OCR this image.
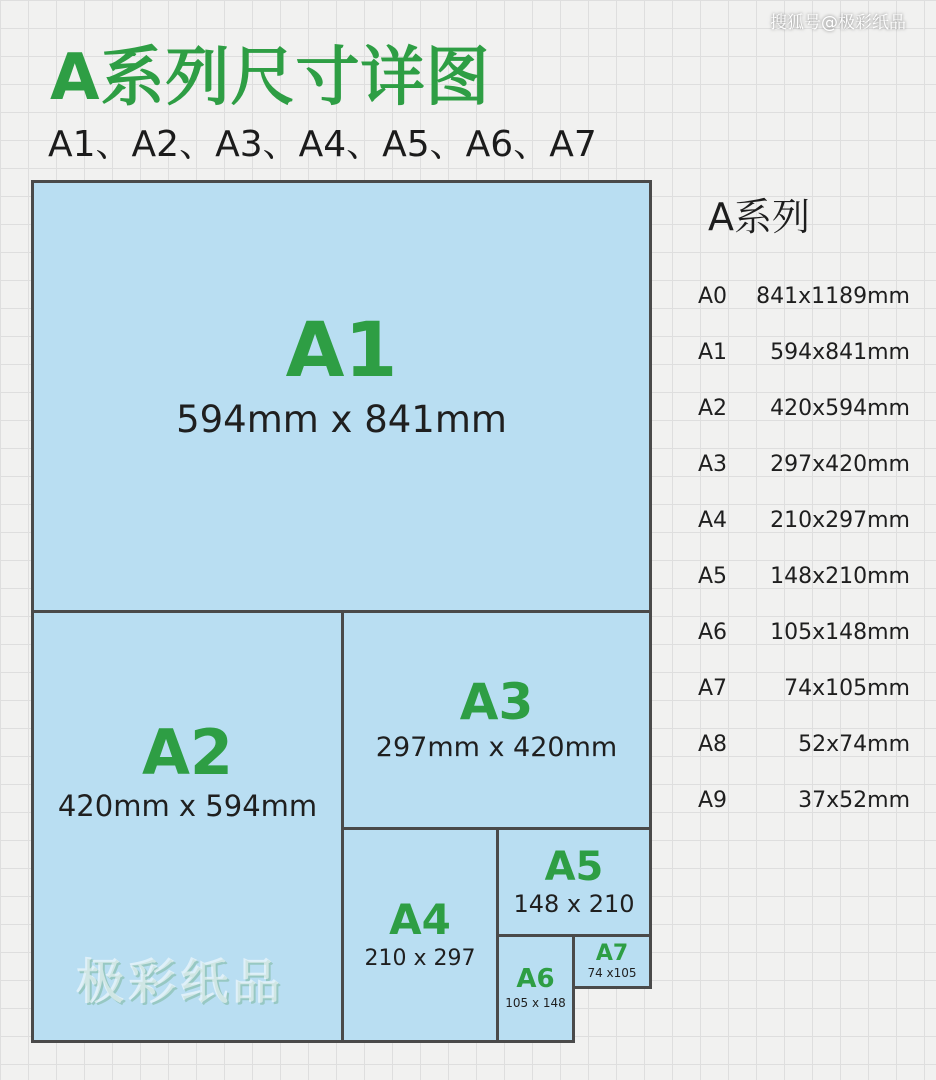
搜狐号@极彩纸品
A系列尺寸详图
A1、A2、A3、A4、A5、A6、A7
A1
594mm x 841mm
A2
420mm x 594mm
A3
297mm x 420mm
A4
210 x 297
A5
148 x 210
A6
105 x 148
A7
74 x105
极彩纸品
A系列
A0 841x1189mm
A1 594x841mm
A2 420x594mm
A3 297x420mm
A4 210x297mm
A5 148x210mm
A6 105x148mm
A7	74x105mm
A8	52x74mm
A9	37x52mm
